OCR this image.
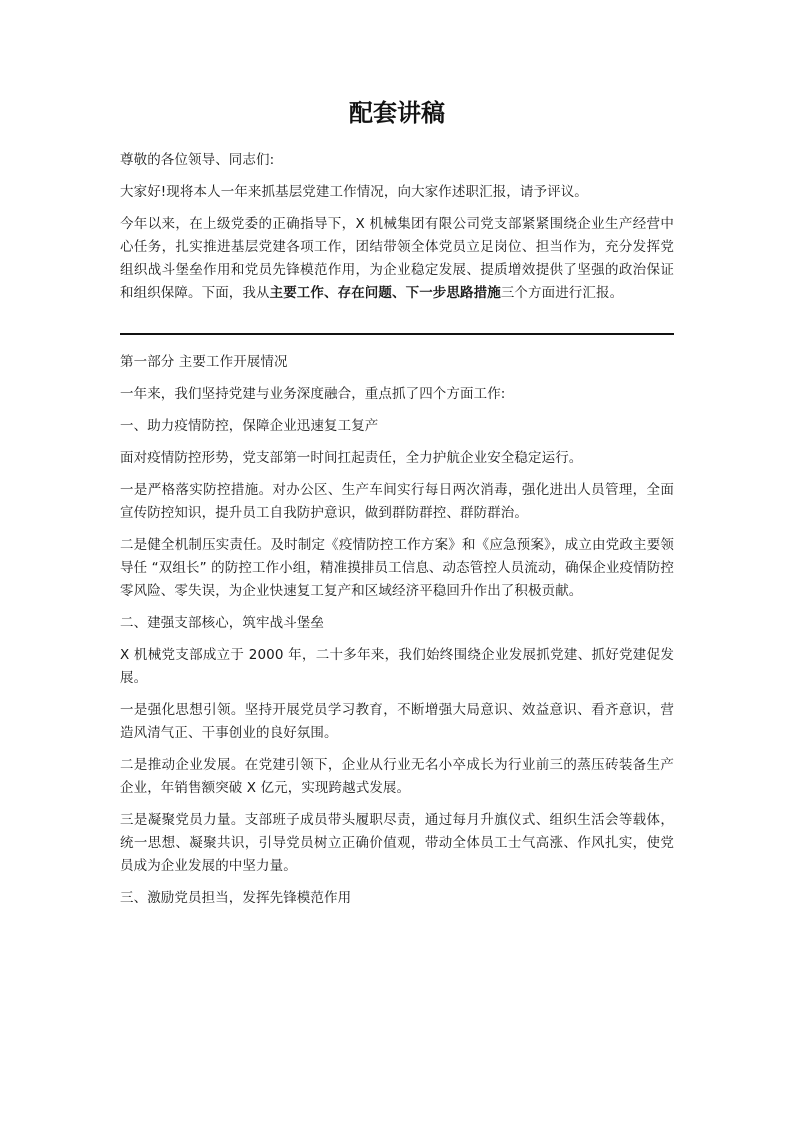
配套讲稿

尊敬的各位领导、同志们:

大家好!现将本人一年来抓基层党建工作情况，向大家作述职汇报，请予评议。

今年以来，在上级党委的正确指导下，X 机械集团有限公司党支部紧紧围绕企业生产经营中心任务，扎实推进基层党建各项工作，团结带领全体党员立足岗位、担当作为，充分发挥党组织战斗堡垒作用和党员先锋模范作用，为企业稳定发展、提质增效提供了坚强的政治保证和组织保障。下面，我从主要工作、存在问题、下一步思路措施三个方面进行汇报。

第一部分 主要工作开展情况

一年来，我们坚持党建与业务深度融合，重点抓了四个方面工作:

一、助力疫情防控，保障企业迅速复工复产

面对疫情防控形势，党支部第一时间扛起责任，全力护航企业安全稳定运行。

一是严格落实防控措施。对办公区、生产车间实行每日两次消毒，强化进出人员管理，全面宣传防控知识，提升员工自我防护意识，做到群防群控、群防群治。

二是健全机制压实责任。及时制定《疫情防控工作方案》和《应急预案》，成立由党政主要领导任 “双组长” 的防控工作小组，精准摸排员工信息、动态管控人员流动，确保企业疫情防控零风险、零失误，为企业快速复工复产和区域经济平稳回升作出了积极贡献。

二、建强支部核心，筑牢战斗堡垒

X 机械党支部成立于 2000 年，二十多年来，我们始终围绕企业发展抓党建、抓好党建促发展。

一是强化思想引领。坚持开展党员学习教育，不断增强大局意识、效益意识、看齐意识，营造风清气正、干事创业的良好氛围。

二是推动企业发展。在党建引领下，企业从行业无名小卒成长为行业前三的蒸压砖装备生产企业，年销售额突破 X 亿元，实现跨越式发展。

三是凝聚党员力量。支部班子成员带头履职尽责，通过每月升旗仪式、组织生活会等载体，统一思想、凝聚共识，引导党员树立正确价值观，带动全体员工士气高涨、作风扎实，使党员成为企业发展的中坚力量。

三、激励党员担当，发挥先锋模范作用
